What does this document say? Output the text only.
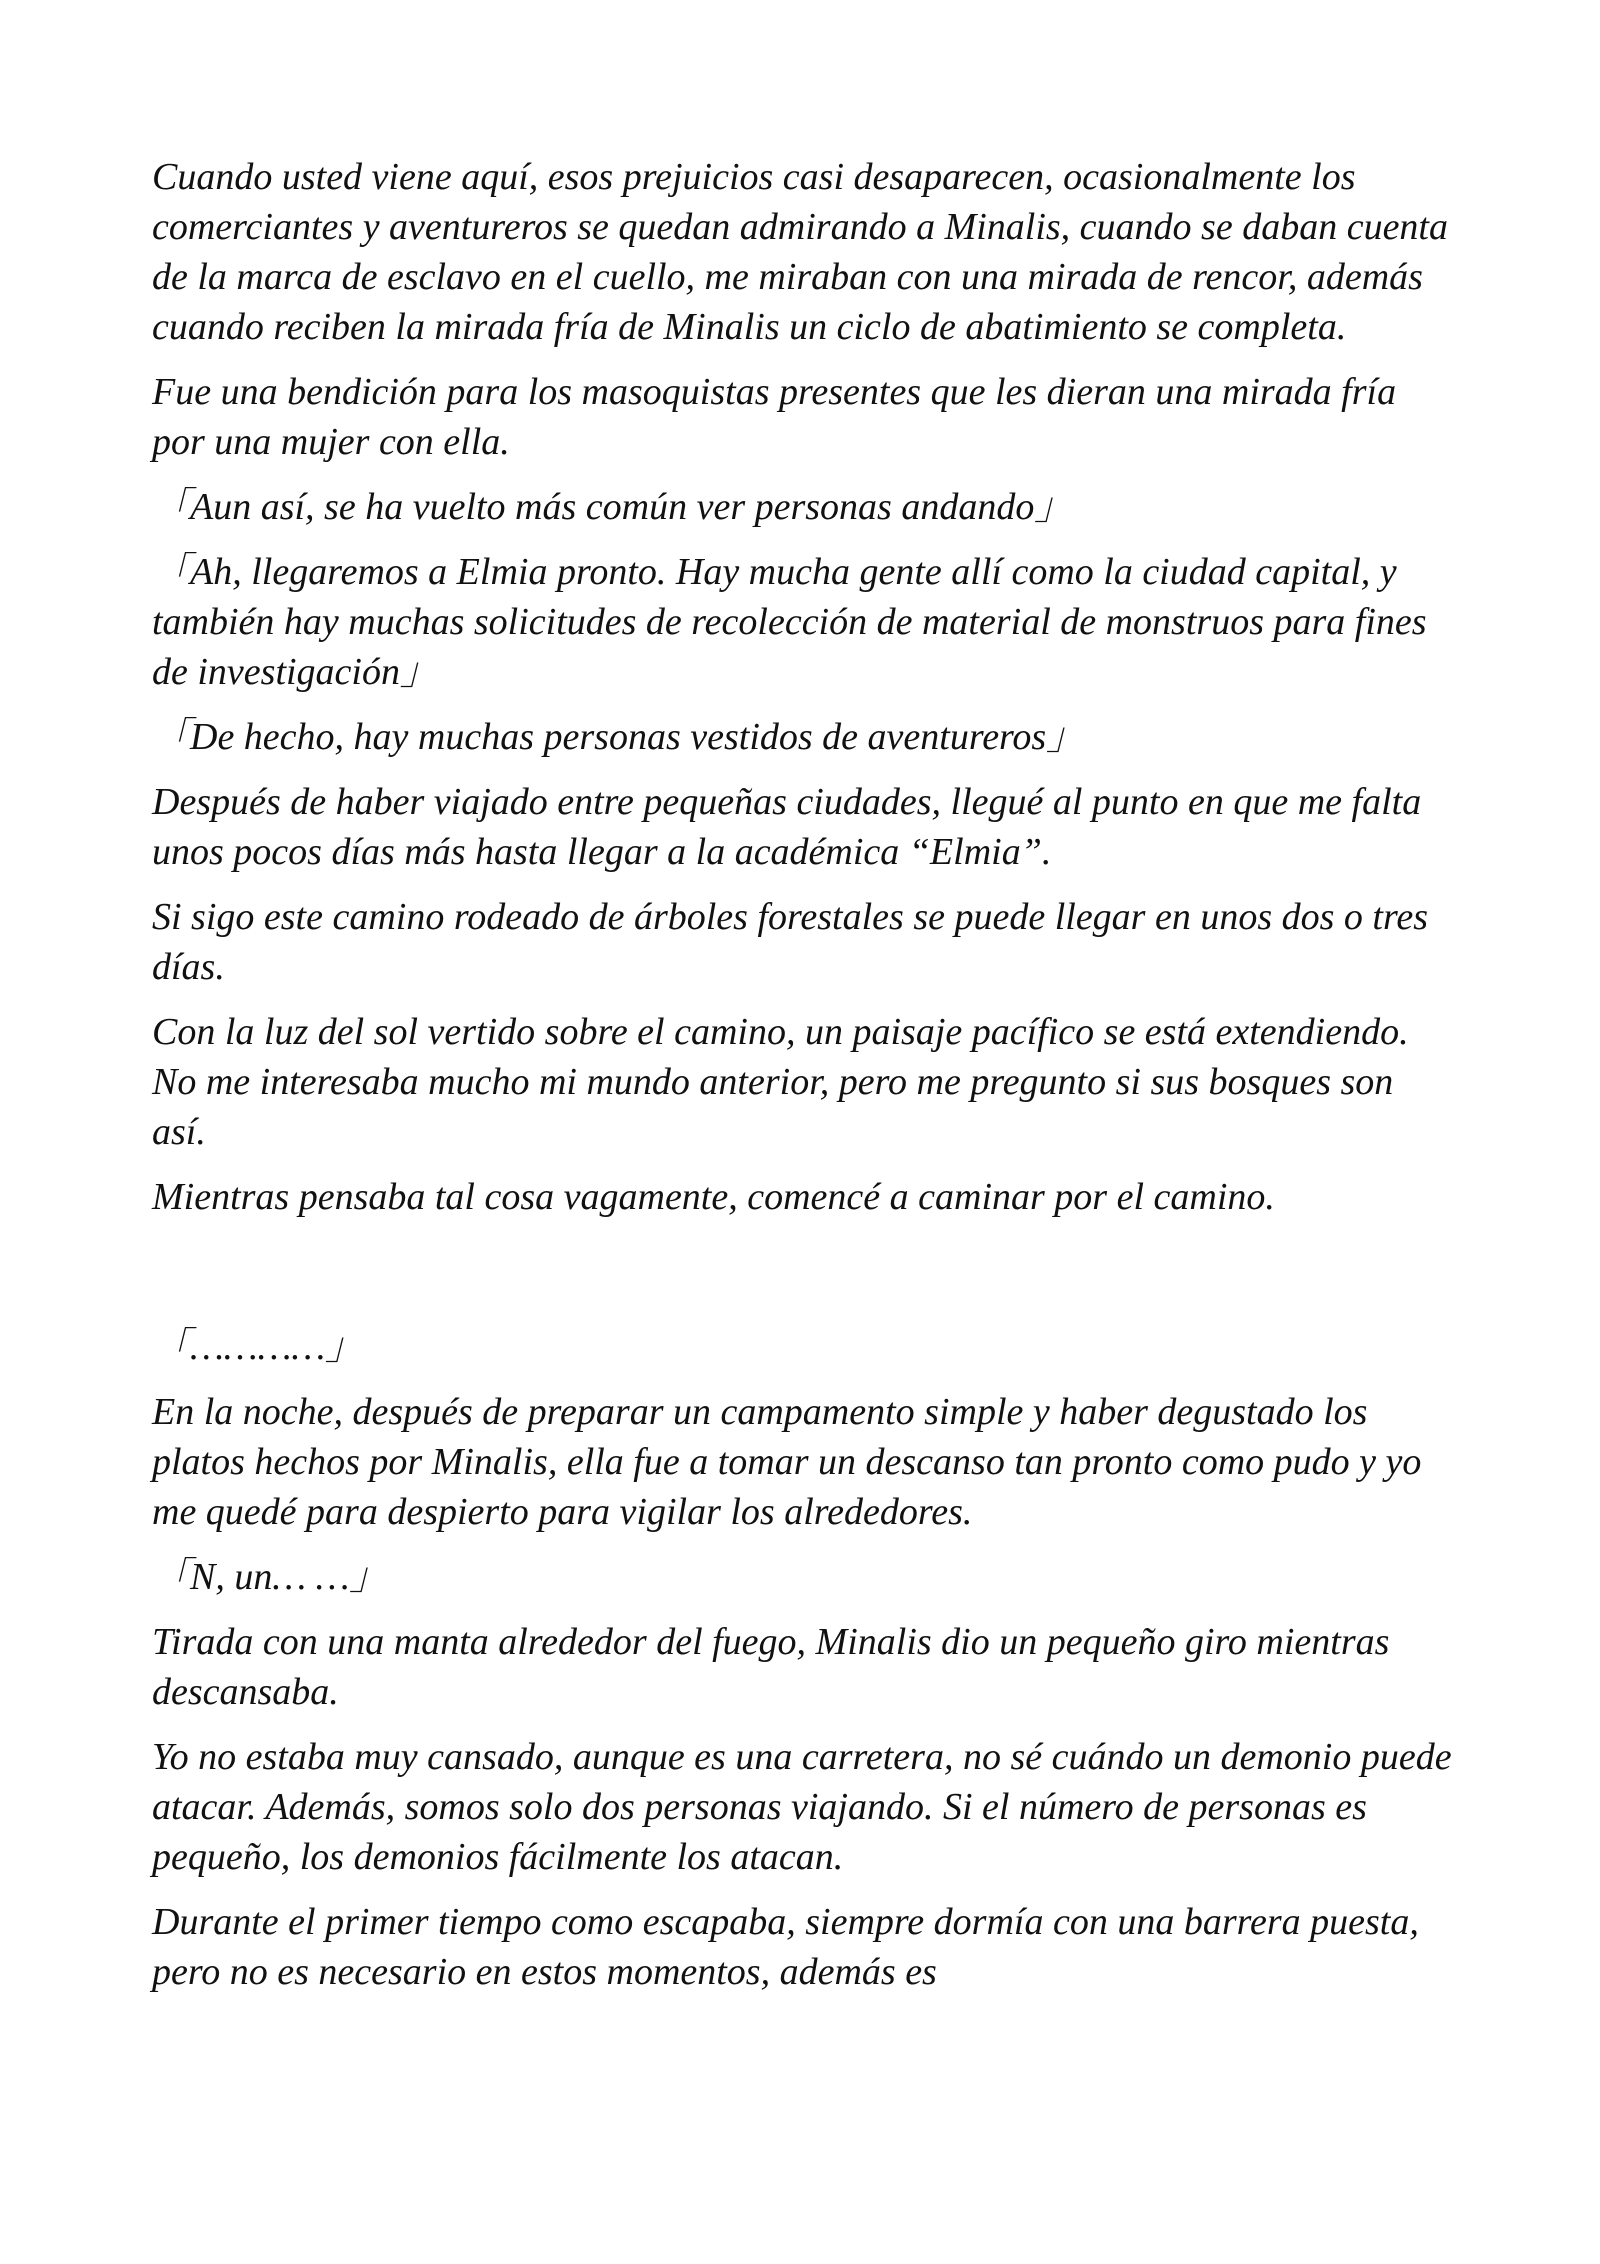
Cuando usted viene aquí, esos prejuicios casi desaparecen, ocasionalmente los comerciantes y aventureros se quedan admirando a Minalis, cuando se daban cuenta de la marca de esclavo en el cuello, me miraban con una mirada de rencor, además cuando reciben la mirada fría de Minalis un ciclo de abatimiento se completa.

Fue una bendición para los masoquistas presentes que les dieran una mirada fría por una mujer con ella.

「Aun así, se ha vuelto más común ver personas andando」

「Ah, llegaremos a Elmia pronto. Hay mucha gente allí como la ciudad capital, y también hay muchas solicitudes de recolección de material de monstruos para fines de investigación」

「De hecho, hay muchas personas vestidos de aventureros」

Después de haber viajado entre pequeñas ciudades, llegué al punto en que me falta unos pocos días más hasta llegar a la académica “Elmia”.

Si sigo este camino rodeado de árboles forestales se puede llegar en unos dos o tres días.

Con la luz del sol vertido sobre el camino, un paisaje pacífico se está extendiendo. No me interesaba mucho mi mundo anterior, pero me pregunto si sus bosques son así.

Mientras pensaba tal cosa vagamente, comencé a caminar por el camino.

「…………」

En la noche, después de preparar un campamento simple y haber degustado los platos hechos por Minalis, ella fue a tomar un descanso tan pronto como pudo y yo me quedé para despierto para vigilar los alrededores.

「N, un… …」

Tirada con una manta alrededor del fuego, Minalis dio un pequeño giro mientras descansaba.

Yo no estaba muy cansado, aunque es una carretera, no sé cuándo un demonio puede atacar. Además, somos solo dos personas viajando. Si el número de personas es pequeño, los demonios fácilmente los atacan.

Durante el primer tiempo como escapaba, siempre dormía con una barrera puesta, pero no es necesario en estos momentos, además es
